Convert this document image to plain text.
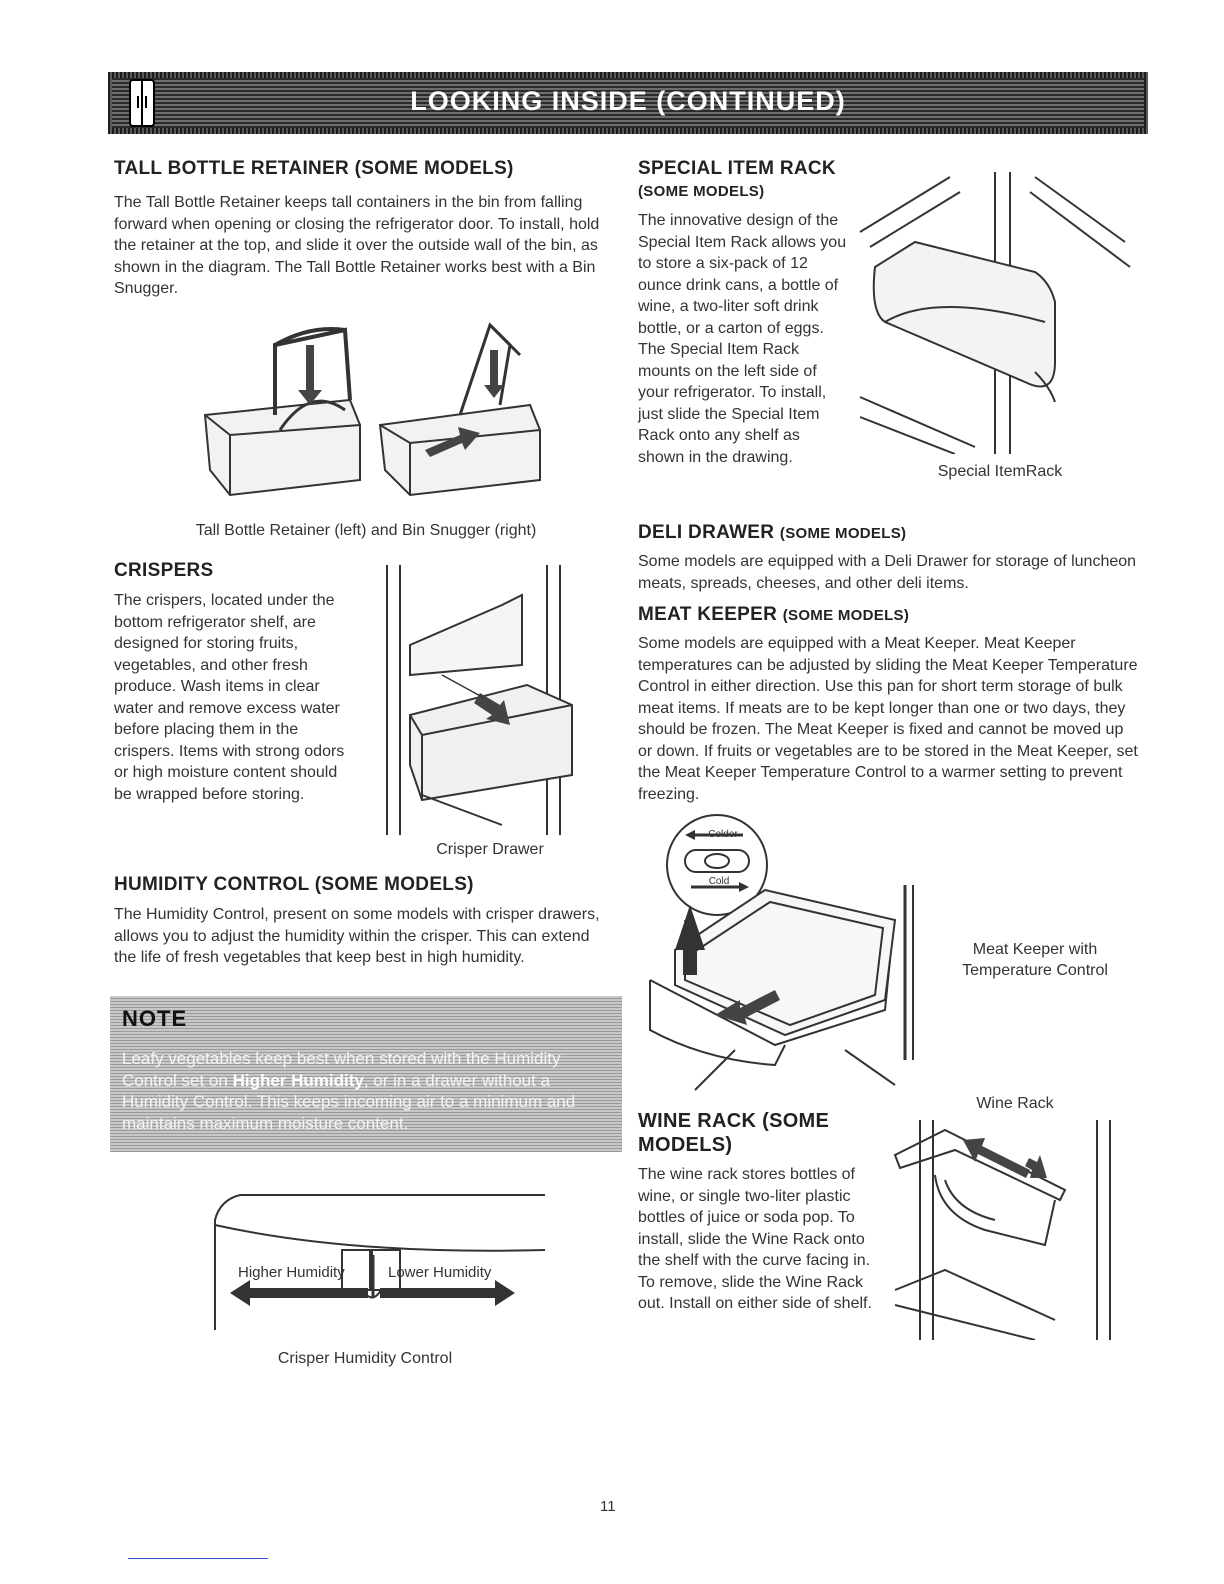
LOOKING INSIDE (CONTINUED)
TALL BOTTLE RETAINER (SOME MODELS)

The Tall Bottle Retainer keeps tall containers in the bin from falling forward when opening or closing the refrigerator door. To install, hold the retainer at the top, and slide it over the outside wall of the bin, as shown in the diagram. The Tall Bottle Retainer works best with a Bin Snugger.

Tall Bottle Retainer (left) and Bin Snugger (right)
CRISPERS

The crispers, located under the bottom refrigerator shelf, are designed for storing fruits, vegetables, and other fresh produce. Wash items in clear water and remove excess water before placing them in the crispers. Items with strong odors or high moisture content should be wrapped before storing.

Crisper Drawer
HUMIDITY CONTROL (SOME MODELS)

The Humidity Control, present on some models with crisper drawers, allows you to adjust the humidity within the crisper. This can extend the life of fresh vegetables that keep best in high humidity.

NOTE
Leafy vegetables keep best when stored with the Humidity Control set on Higher Humidity, or in a drawer without a Humidity Control. This keeps incoming air to a minimum and maintains maximum moisture content.
Higher Humidity	Lower Humidity
Crisper Humidity Control
SPECIAL ITEM RACK
(SOME MODELS)

The innovative design of the Special Item Rack allows you to store a six-pack of 12 ounce drink cans, a bottle of wine, a two-liter soft drink bottle, or a carton of eggs. The Special Item Rack mounts on the left side of your refrigerator. To install, just slide the Special Item Rack onto any shelf as shown in the drawing.

Special ItemRack
DELI DRAWER (SOME MODELS)

Some models are equipped with a Deli Drawer for storage of luncheon meats, spreads, cheeses, and other deli items.

MEAT KEEPER (SOME MODELS)

Some models are equipped with a Meat Keeper. Meat Keeper temperatures can be adjusted by sliding the Meat Keeper Temperature Control in either direction. Use this pan for short term storage of bulk meat items. If meats are to be kept longer than one or two days, they should be frozen. The Meat Keeper is fixed and cannot be moved up or down. If fruits or vegetables are to be stored in the Meat Keeper, set the Meat Keeper Temperature Control to a warmer setting to prevent freezing.

Colder
Cold
Meat Keeper with
Temperature Control
WINE RACK (SOME
MODELS)

The wine rack stores bottles of wine, or single two-liter plastic bottles of juice or soda pop. To install, slide the Wine Rack onto the shelf with the curve facing in. To remove, slide the Wine Rack out. Install on either side of shelf.

Wine Rack
11
